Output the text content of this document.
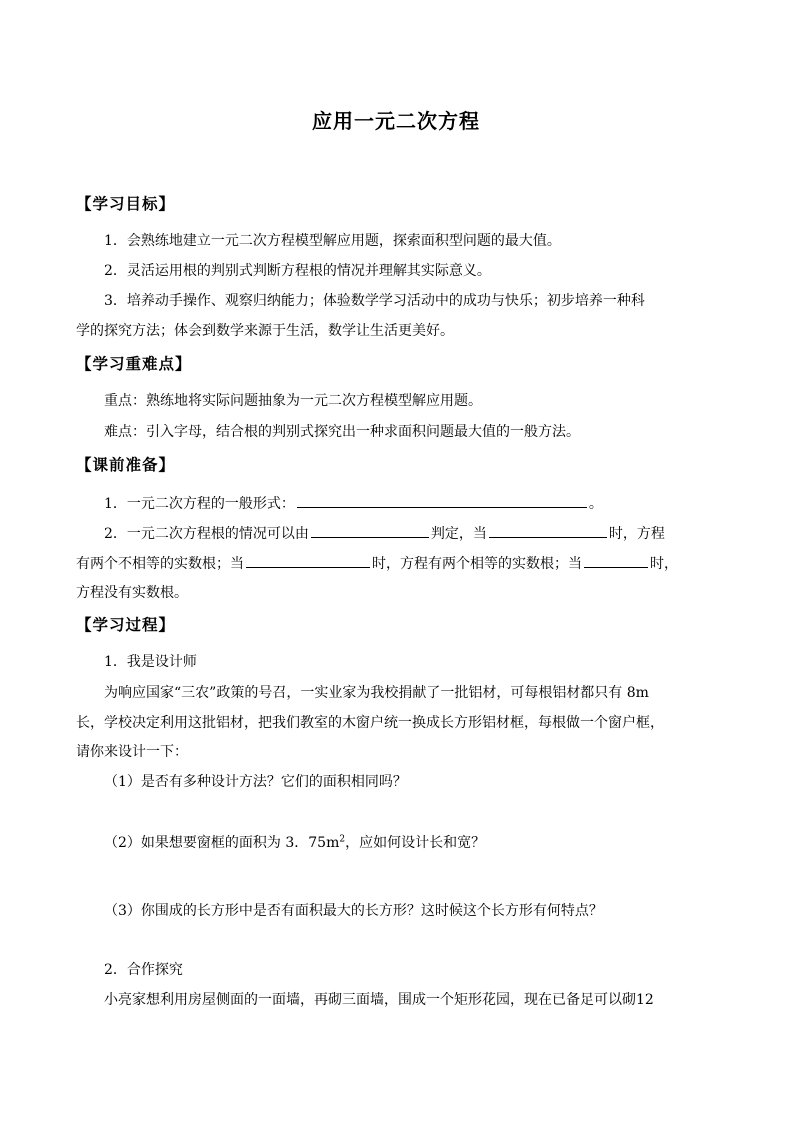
应用一元二次方程
【学习目标】
1．会熟练地建立一元二次方程模型解应用题，探索面积型问题的最大值。
2．灵活运用根的判别式判断方程根的情况并理解其实际意义。
3．培养动手操作、观察归纳能力；体验数学学习活动中的成功与快乐；初步培养一种科
学的探究方法；体会到数学来源于生活，数学让生活更美好。
【学习重难点】
重点：熟练地将实际问题抽象为一元二次方程模型解应用题。
难点：引入字母，结合根的判别式探究出一种求面积问题最大值的一般方法。
【课前准备】
1．一元二次方程的一般形式：	。
2．一元二次方程根的情况可以由	判定，当	时，方程
有两个不相等的实数根；当	时，方程有两个相等的实数根；当	时，
方程没有实数根。
【学习过程】
1．我是设计师
为响应国家“三农”政策的号召，一实业家为我校捐献了一批铝材，可每根铝材都只有 8m
长，学校决定利用这批铝材，把我们教室的木窗户统一换成长方形铝材框，每根做一个窗户框，
请你来设计一下：
（1）是否有多种设计方法？它们的面积相同吗？
（2）如果想要窗框的面积为 3．$75m^2$，应如何设计长和宽？
（3）你围成的长方形中是否有面积最大的长方形？这时候这个长方形有何特点？
2．合作探究
小亮家想利用房屋侧面的一面墙，再砌三面墙，围成一个矩形花园，现在已备足可以砌12
